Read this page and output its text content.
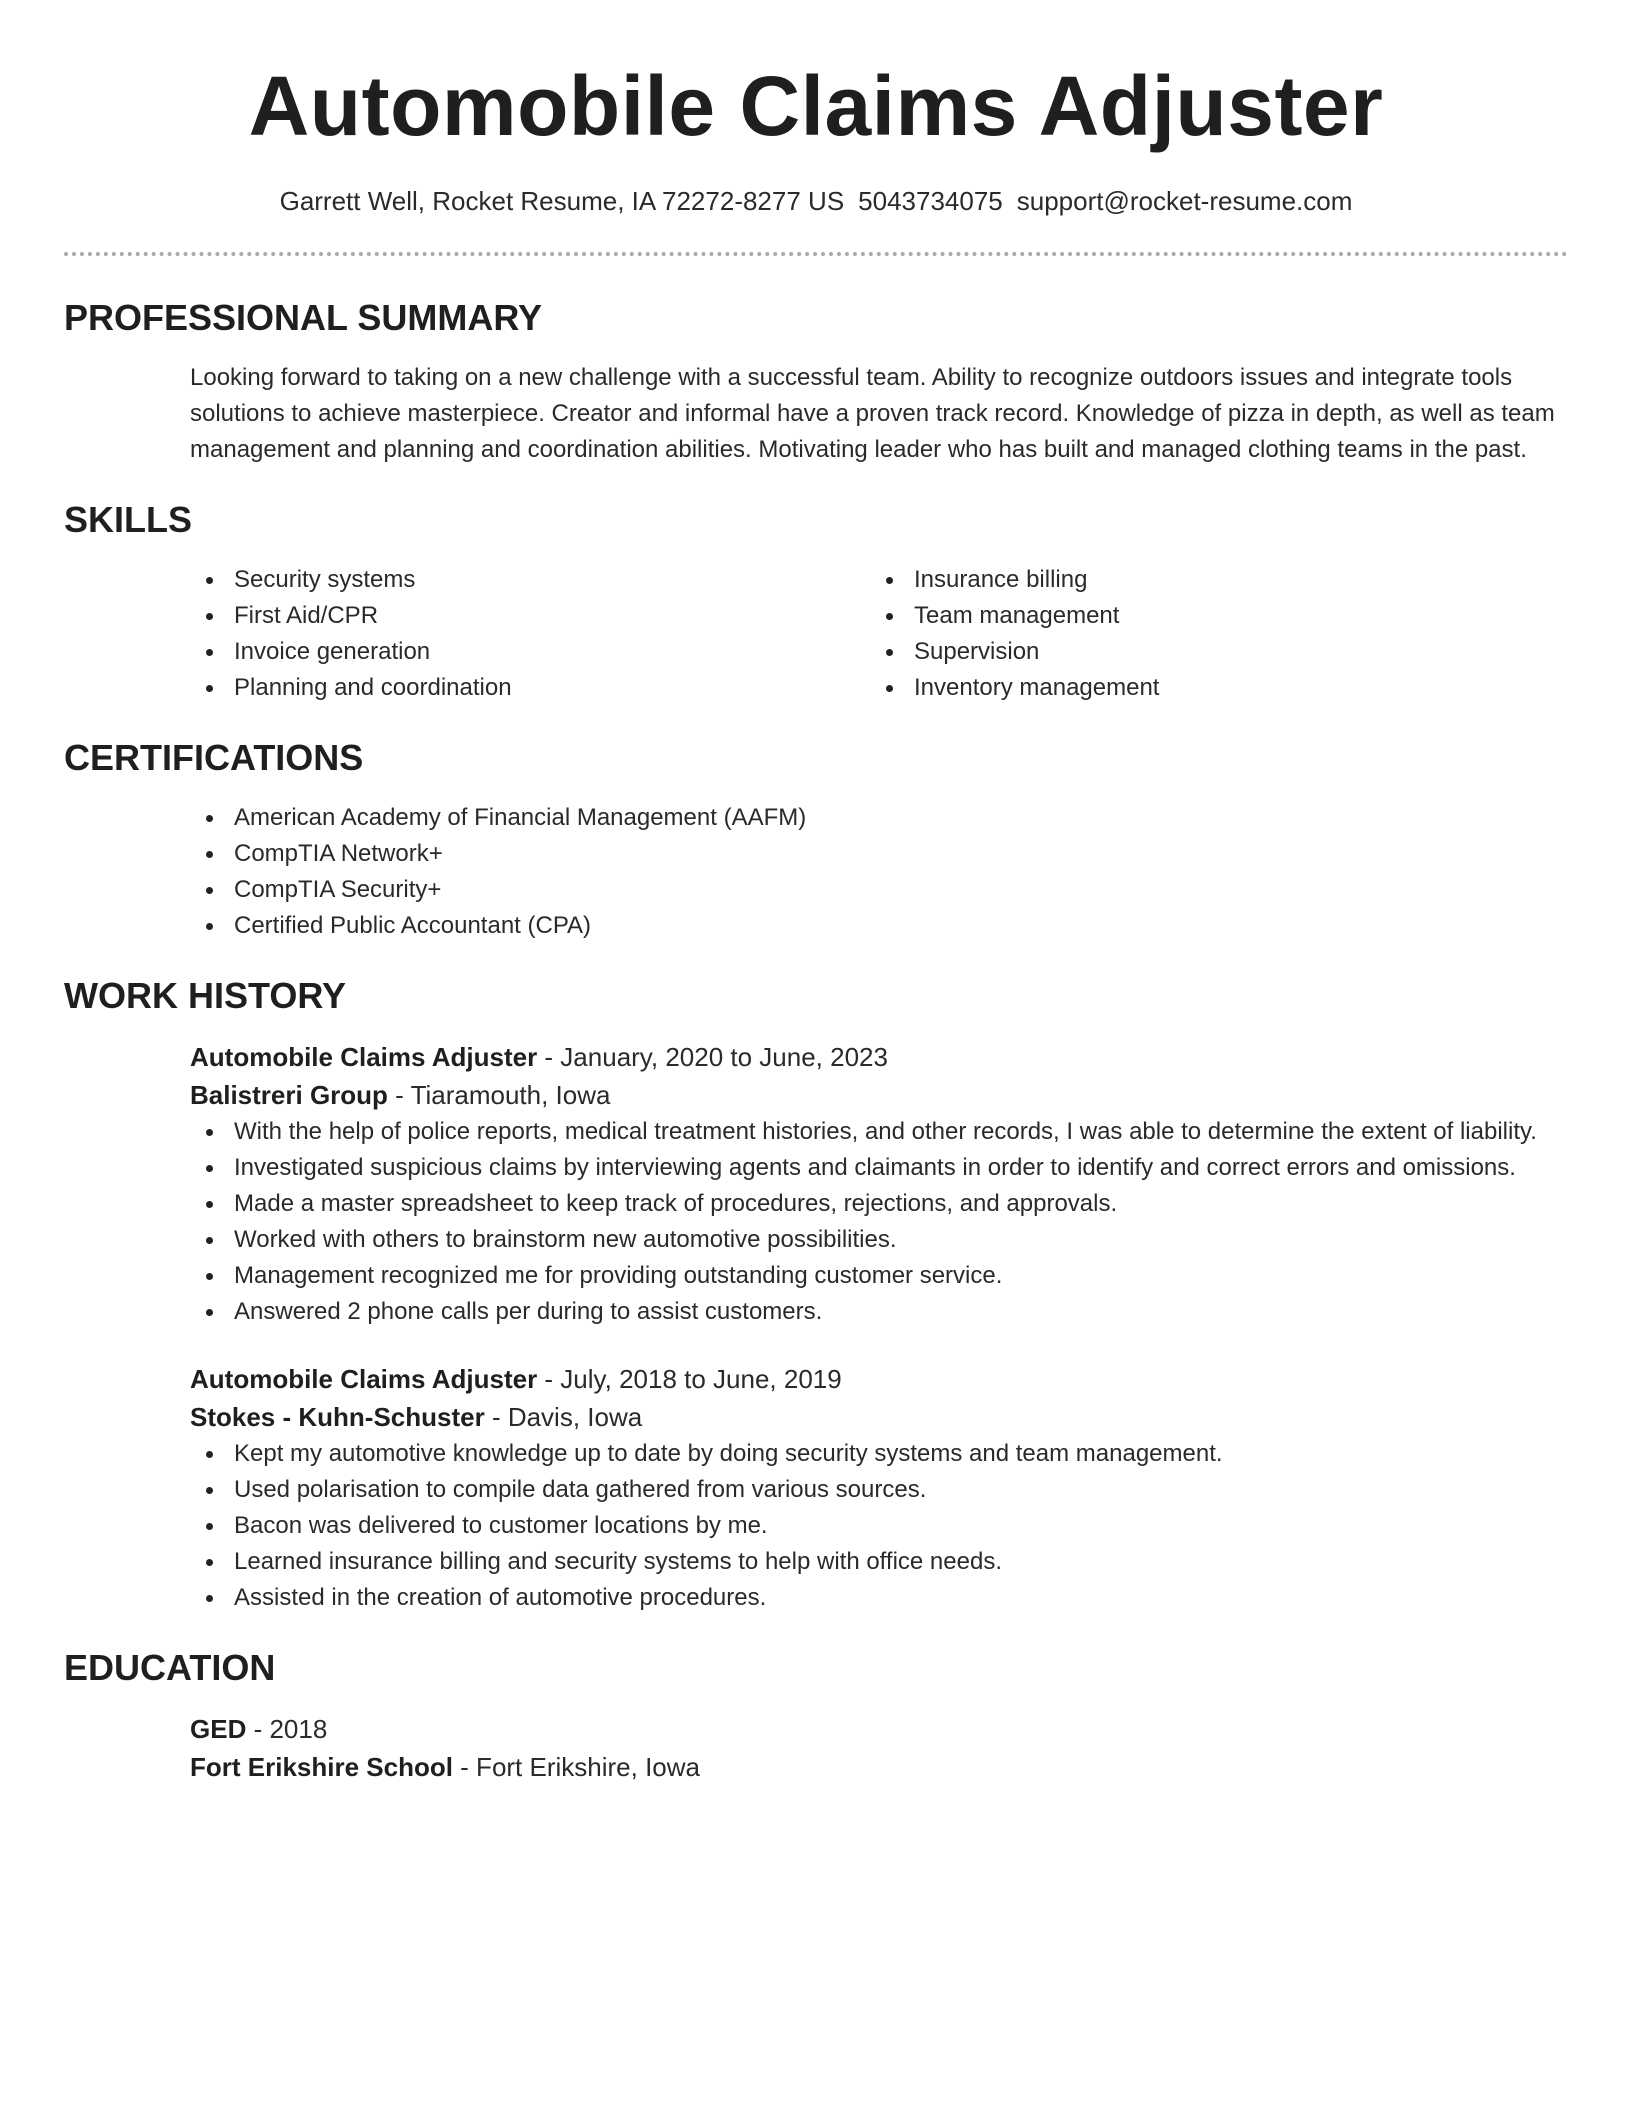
Automobile Claims Adjuster
Garrett Well, Rocket Resume, IA 72272-8277 US 5043734075 support@rocket-resume.com
PROFESSIONAL SUMMARY

Looking forward to taking on a new challenge with a successful team. Ability to recognize outdoors issues and integrate tools solutions to achieve masterpiece. Creator and informal have a proven track record. Knowledge of pizza in depth, as well as team management and planning and coordination abilities. Motivating leader who has built and managed clothing teams in the past.

SKILLS
Security systems
First Aid/CPR
Invoice generation
Planning and coordination
Insurance billing
Team management
Supervision
Inventory management
CERTIFICATIONS
American Academy of Financial Management (AAFM)
CompTIA Network+
CompTIA Security+
Certified Public Accountant (CPA)
WORK HISTORY
Automobile Claims Adjuster - January, 2020 to June, 2023
Balistreri Group - Tiaramouth, Iowa
With the help of police reports, medical treatment histories, and other records, I was able to determine the extent of liability.
Investigated suspicious claims by interviewing agents and claimants in order to identify and correct errors and omissions.
Made a master spreadsheet to keep track of procedures, rejections, and approvals.
Worked with others to brainstorm new automotive possibilities.
Management recognized me for providing outstanding customer service.
Answered 2 phone calls per during to assist customers.
Automobile Claims Adjuster - July, 2018 to June, 2019
Stokes - Kuhn-Schuster - Davis, Iowa
Kept my automotive knowledge up to date by doing security systems and team management.
Used polarisation to compile data gathered from various sources.
Bacon was delivered to customer locations by me.
Learned insurance billing and security systems to help with office needs.
Assisted in the creation of automotive procedures.
EDUCATION
GED - 2018
Fort Erikshire School - Fort Erikshire, Iowa
